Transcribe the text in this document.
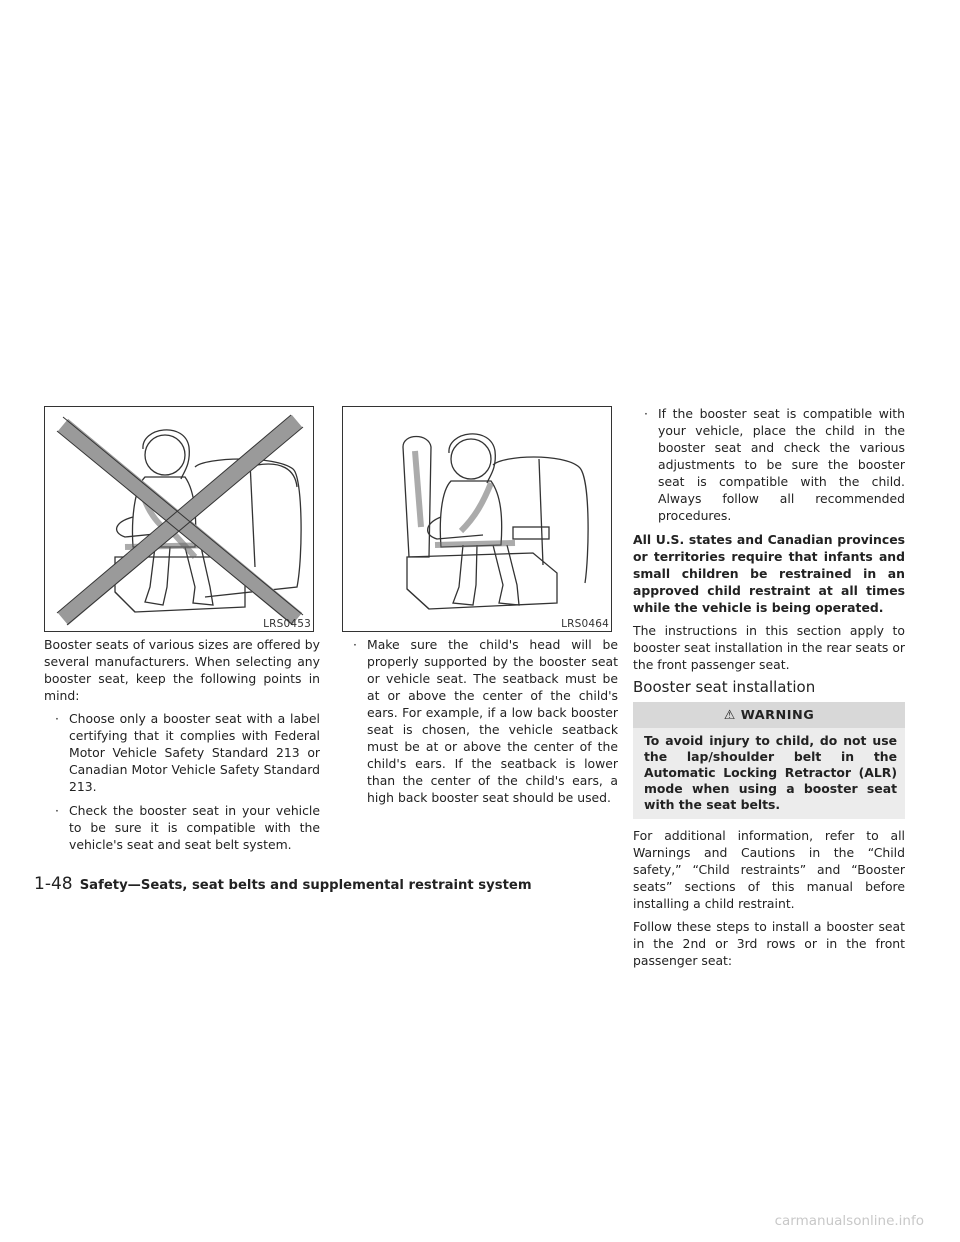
LRS0453	LRS0464

Booster seats of various sizes are offered by several manufacturers. When selecting any booster seat, keep the following points in mind:

· Choose only a booster seat with a label certifying that it complies with Federal Motor Vehicle Safety Standard 213 or Canadian Motor Vehicle Safety Standard 213.
· Check the booster seat in your vehicle to be sure it is compatible with the vehicle's seat and seat belt system.
· Make sure the child's head will be properly supported by the booster seat or vehicle seat. The seatback must be at or above the center of the child's ears. For example, if a low back booster seat is chosen, the vehicle seatback must be at or above the center of the child's ears. If the seatback is lower than the center of the child's ears, a high back booster seat should be used.
· If the booster seat is compatible with your vehicle, place the child in the booster seat and check the various adjustments to be sure the booster seat is compatible with the child. Always follow all recommended procedures.

All U.S. states and Canadian provinces or territories require that infants and small children be restrained in an approved child restraint at all times while the vehicle is being operated.

The instructions in this section apply to booster seat installation in the rear seats or the front passenger seat.

Booster seat installation
⚠ WARNING
To avoid injury to child, do not use the lap/shoulder belt in the Automatic Locking Retractor (ALR) mode when using a booster seat with the seat belts.

For additional information, refer to all Warnings and Cautions in the “Child safety,” “Child restraints” and “Booster seats” sections of this manual before installing a child restraint.

Follow these steps to install a booster seat in the 2nd or 3rd rows or in the front passenger seat:

1-48 Safety—Seats, seat belts and supplemental restraint system
carmanualsonline.info
